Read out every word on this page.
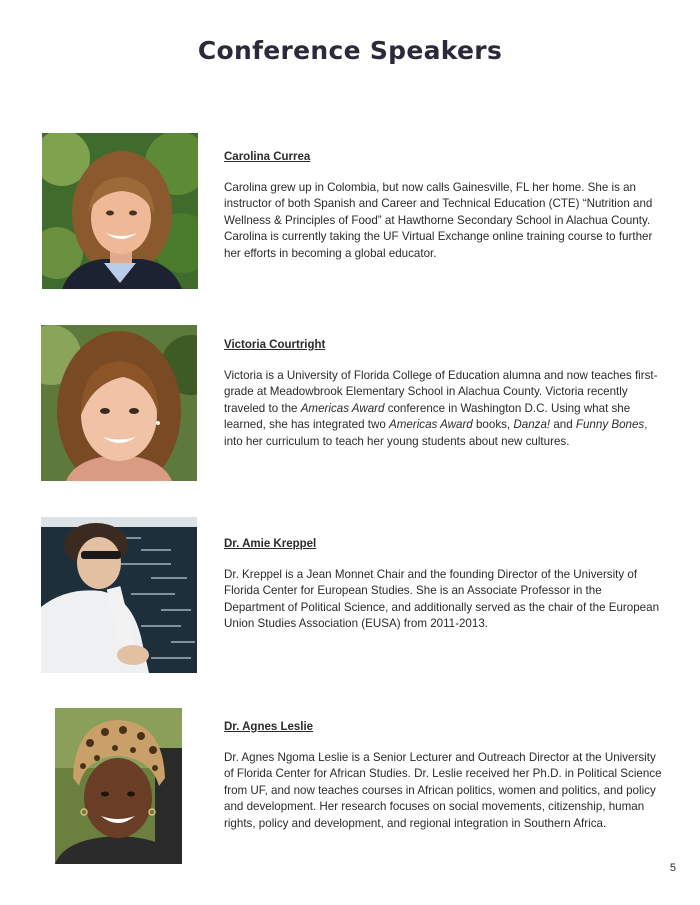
Conference Speakers
Carolina Currea
Carolina grew up in Colombia, but now calls Gainesville, FL her home. She is an instructor of both Spanish and Career and Technical Education (CTE) “Nutrition and Wellness & Principles of Food” at Hawthorne Secondary School in Alachua County. Carolina is currently taking the UF Virtual Exchange online training course to further her efforts in becoming a global educator.
Victoria Courtright
Victoria is a University of Florida College of Education alumna and now teaches first-grade at Meadowbrook Elementary School in Alachua County. Victoria recently traveled to the Americas Award conference in Washington D.C. Using what she learned, she has integrated two Americas Award books, Danza! and Funny Bones, into her curriculum to teach her young students about new cultures.
Dr. Amie Kreppel
Dr. Kreppel is a Jean Monnet Chair and the founding Director of the University of Florida Center for European Studies. She is an Associate Professor in the Department of Political Science, and additionally served as the chair of the European Union Studies Association (EUSA) from 2011-2013.
Dr. Agnes Leslie
Dr. Agnes Ngoma Leslie is a Senior Lecturer and Outreach Director at the University of Florida Center for African Studies. Dr. Leslie received her Ph.D. in Political Science from UF, and now teaches courses in African politics, women and politics, and policy and development. Her research focuses on social movements, citizenship, human rights, policy and development, and regional integration in Southern Africa.
5
